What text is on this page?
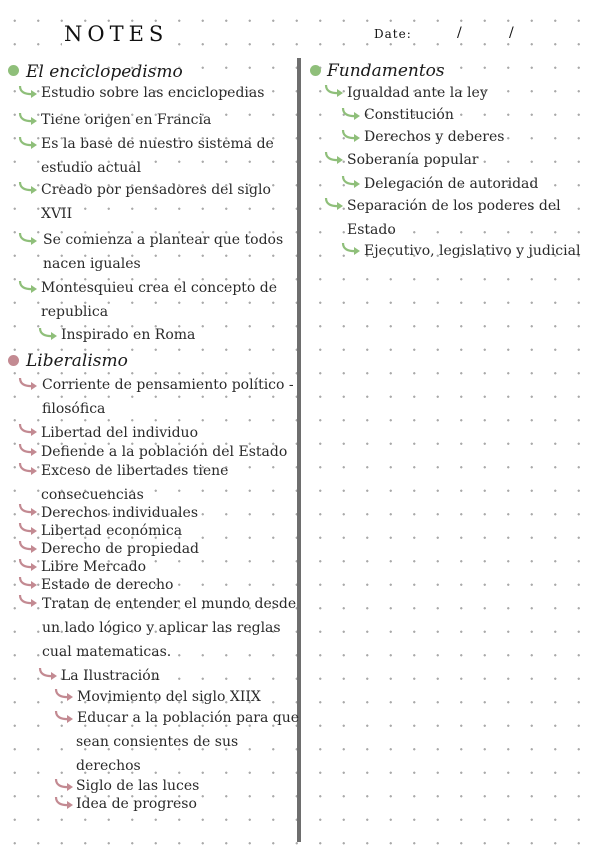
NOTES	Date:	/	/
El enciclopedismo
Estudio sobre las enciclopedias
Tiene origen en Francia
Es la base de nuestro sistema de
estudio actual
Creado por pensadores del siglo
XVII
Se comienza a plantear que todos
nacen iguales
Montesquieu crea el concepto de
republica
Inspirado en Roma
Liberalismo
Corriente de pensamiento político -
filosófica
Libertad del individuo
Defiende a la población del Estado
Exceso de libertades tiene
consecuencias
Derechos individuales
Libertad económica
Derecho de propiedad
Libre Mercado
Estado de derecho
Tratan de entender el mundo desde
un lado lógico y aplicar las reglas
cual matematicas.
La Ilustración
Movimiento del siglo XIIX
Educar a la población para que
sean consientes de sus
derechos
Siglo de las luces
Idea de progreso
Fundamentos
Igualdad ante la ley
Constitución
Derechos y deberes
Soberanía popular
Delegación de autoridad
Separación de los poderes del
Estado
Ejecutivo, legislativo y judicial
